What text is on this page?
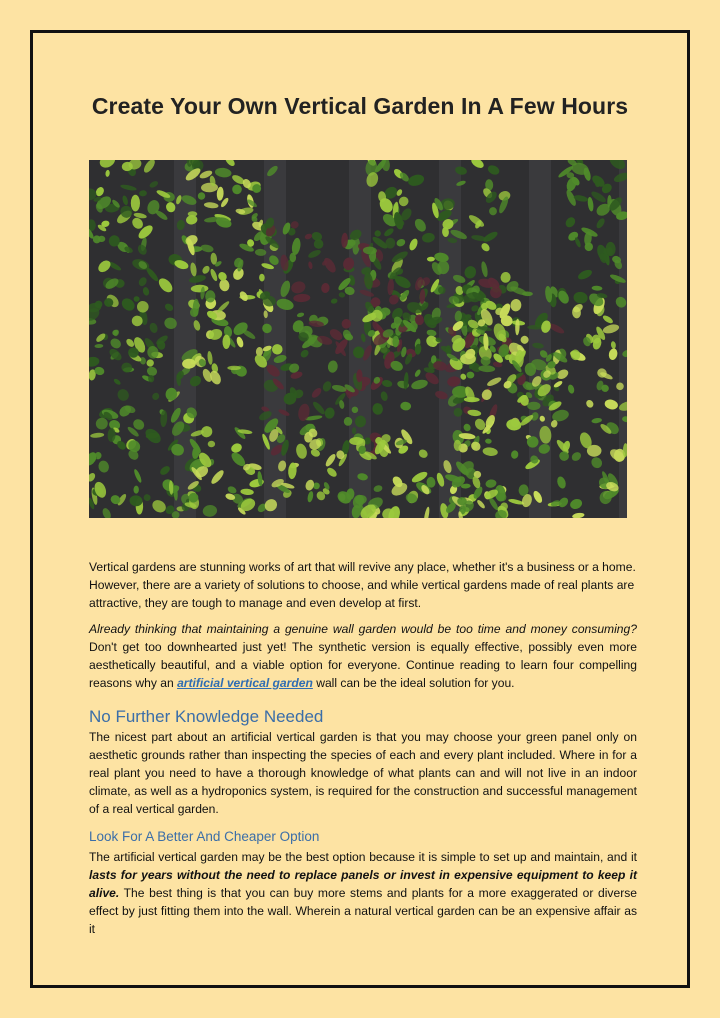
Create Your Own Vertical Garden In A Few Hours

Vertical gardens are stunning works of art that will revive any place, whether it's a business or a home. However, there are a variety of solutions to choose, and while vertical gardens made of real plants are attractive, they are tough to manage and even develop at first.

Already thinking that maintaining a genuine wall garden would be too time and money consuming? Don't get too downhearted just yet! The synthetic version is equally effective, possibly even more aesthetically beautiful, and a viable option for everyone. Continue reading to learn four compelling reasons why an artificial vertical garden wall can be the ideal solution for you.

No Further Knowledge Needed

The nicest part about an artificial vertical garden is that you may choose your green panel only on aesthetic grounds rather than inspecting the species of each and every plant included. Where in for a real plant you need to have a thorough knowledge of what plants can and will not live in an indoor climate, as well as a hydroponics system, is required for the construction and successful management of a real vertical garden.

Look For A Better And Cheaper Option

The artificial vertical garden may be the best option because it is simple to set up and maintain, and it lasts for years without the need to replace panels or invest in expensive equipment to keep it alive. The best thing is that you can buy more stems and plants for a more exaggerated or diverse effect by just fitting them into the wall. Wherein a natural vertical garden can be an expensive affair as it
